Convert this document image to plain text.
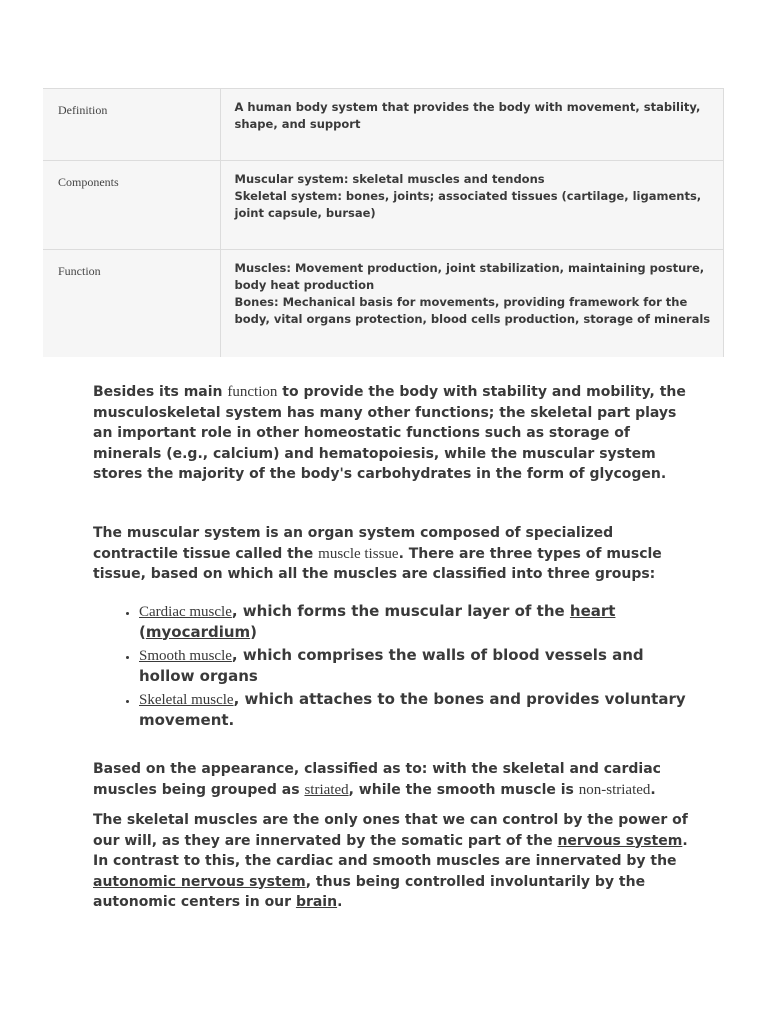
Definition	A human body system that provides the body with movement, stability, shape, and support
Components	Muscular system: skeletal muscles and tendons
Skeletal system: bones, joints; associated tissues (cartilage, ligaments, joint capsule, bursae)

Function	Muscles: Movement production, joint stabilization, maintaining posture, body heat production
Bones: Mechanical basis for movements, providing framework for the body, vital organs protection, blood cells production, storage of minerals

Besides its main function to provide the body with stability and mobility, the musculoskeletal system has many other functions; the skeletal part plays an important role in other homeostatic functions such as storage of minerals (e.g., calcium) and hematopoiesis, while the muscular system stores the majority of the body's carbohydrates in the form of glycogen.

The muscular system is an organ system composed of specialized contractile tissue called the muscle tissue. There are three types of muscle tissue, based on which all the muscles are classified into three groups:

• Cardiac muscle, which forms the muscular layer of the heart (myocardium)
• Smooth muscle, which comprises the walls of blood vessels and hollow organs
• Skeletal muscle, which attaches to the bones and provides voluntary movement.

Based on the appearance, classified as to: with the skeletal and cardiac muscles being grouped as striated, while the smooth muscle is non-striated.

The skeletal muscles are the only ones that we can control by the power of our will, as they are innervated by the somatic part of the nervous system. In contrast to this, the cardiac and smooth muscles are innervated by the autonomic nervous system, thus being controlled involuntarily by the autonomic centers in our brain.
